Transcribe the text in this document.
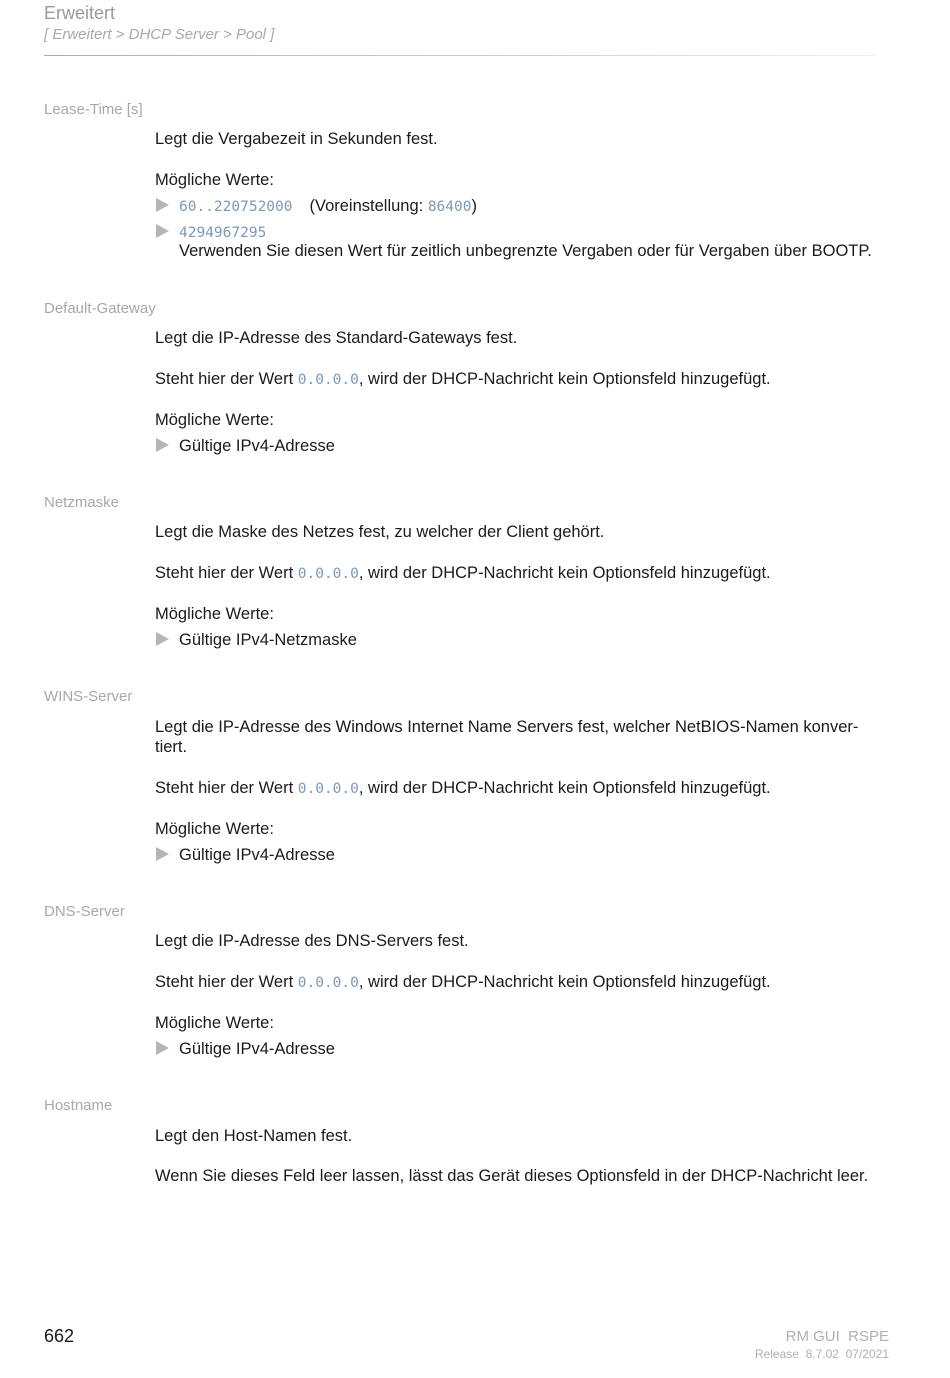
Erweitert
[ Erweitert > DHCP Server > Pool ]
Lease-Time [s]
Legt die Vergabezeit in Sekunden fest.
Mögliche Werte:
60..220752000 (Voreinstellung: 86400)
4294967295
Verwenden Sie diesen Wert für zeitlich unbegrenzte Vergaben oder für Vergaben über BOOTP.
Default-Gateway
Legt die IP-Adresse des Standard-Gateways fest.
Steht hier der Wert 0.0.0.0, wird der DHCP-Nachricht kein Optionsfeld hinzugefügt.
Mögliche Werte:
Gültige IPv4-Adresse
Netzmaske
Legt die Maske des Netzes fest, zu welcher der Client gehört.
Steht hier der Wert 0.0.0.0, wird der DHCP-Nachricht kein Optionsfeld hinzugefügt.
Mögliche Werte:
Gültige IPv4-Netzmaske
WINS-Server
Legt die IP-Adresse des Windows Internet Name Servers fest, welcher NetBIOS-Namen konver-tiert.
Steht hier der Wert 0.0.0.0, wird der DHCP-Nachricht kein Optionsfeld hinzugefügt.
Mögliche Werte:
Gültige IPv4-Adresse
DNS-Server
Legt die IP-Adresse des DNS-Servers fest.
Steht hier der Wert 0.0.0.0, wird der DHCP-Nachricht kein Optionsfeld hinzugefügt.
Mögliche Werte:
Gültige IPv4-Adresse
Hostname
Legt den Host-Namen fest.
Wenn Sie dieses Feld leer lassen, lässt das Gerät dieses Optionsfeld in der DHCP-Nachricht leer.
662	RM GUI  RSPE
Release  8.7.02  07/2021
